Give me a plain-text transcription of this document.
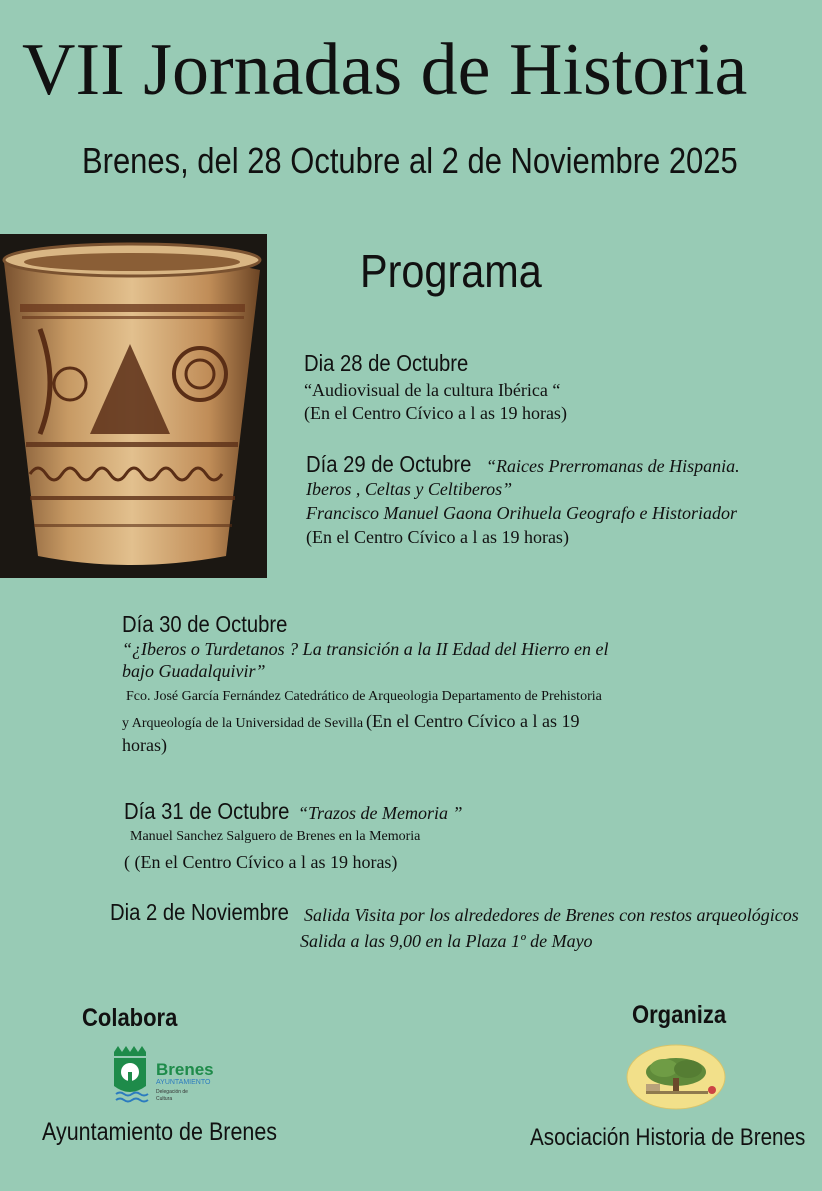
VII Jornadas de Historia
Brenes, del 28 Octubre al 2 de Noviembre 2025
Programa
Dia 28 de Octubre
“Audiovisual de la cultura Ibérica “
(En el Centro Cívico a l as 19 horas)
Día 29 de Octubre “Raices Prerromanas de Hispania.
Iberos , Celtas y Celtiberos”
Francisco Manuel Gaona Orihuela Geografo e Historiador
(En el Centro Cívico a l as 19 horas)
Día 30 de Octubre
“¿Iberos o Turdetanos ? La transición a la II Edad del Hierro en el
bajo Guadalquivir”
Fco. José García Fernández Catedrático de Arqueologia Departamento de Prehistoria
y Arqueología de la Universidad de Sevilla (En el Centro Cívico a l as 19
horas)
Día 31 de Octubre “Trazos de Memoria ”
Manuel Sanchez Salguero de Brenes en la Memoria
( (En el Centro Cívico a l as 19 horas)
Dia 2 de Noviembre Salida Visita por los alrededores de Brenes con restos arqueológicos
Salida a las 9,00 en la Plaza 1º de Mayo
Colabora	Organiza
Brenes
AYUNTAMIENTO
Delegación de
Cultura
Ayuntamiento de Brenes	Asociación Historia de Brenes
